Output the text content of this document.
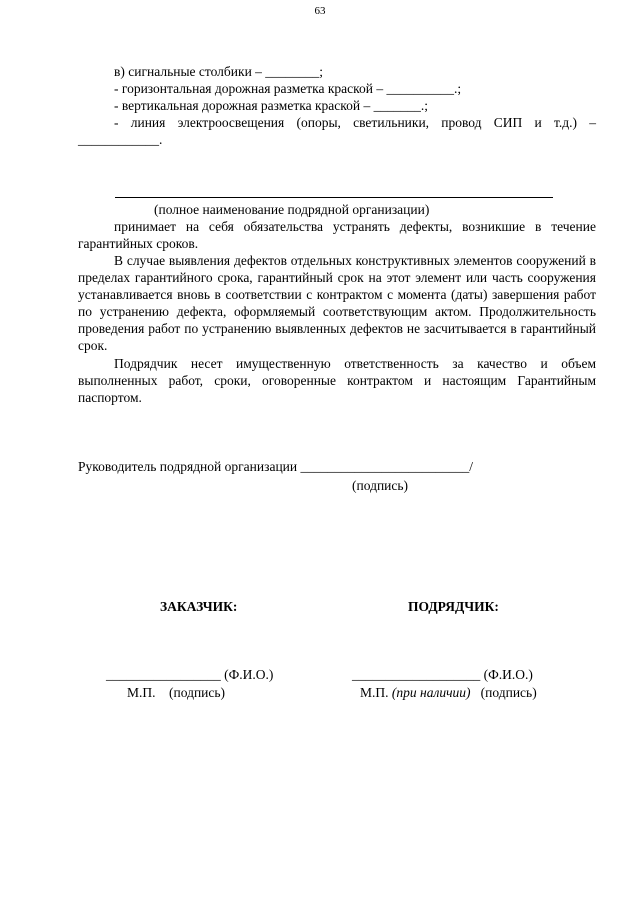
63

в) сигнальные столбики – ________;

- горизонтальная дорожная разметка краской – __________.;

- вертикальная дорожная разметка краской – _______.;

- линия электроосвещения (опоры, светильники, провод СИП и т.д.) – ____________.

(полное наименование подрядной организации)

принимает на себя обязательства устранять дефекты, возникшие в течение гарантийных сроков.

В случае выявления дефектов отдельных конструктивных элементов сооружений в пределах гарантийного срока, гарантийный срок на этот элемент или часть сооружения устанавливается вновь в соответствии с контрактом с момента (даты) завершения работ по устранению дефекта, оформляемый соответствующим актом. Продолжительность проведения работ по устранению выявленных дефектов не засчитывается в гарантийный срок.

Подрядчик несет имущественную ответственность за качество и объем выполненных работ, сроки, оговоренные контрактом и настоящим Гарантийным паспортом.

Руководитель подрядной организации _________________________/
(подпись)
ЗАКАЗЧИК:	ПОДРЯДЧИК:
_________________ (Ф.И.О.)	___________________ (Ф.И.О.)
М.П.    (подпись)	М.П. (при наличии)   (подпись)
